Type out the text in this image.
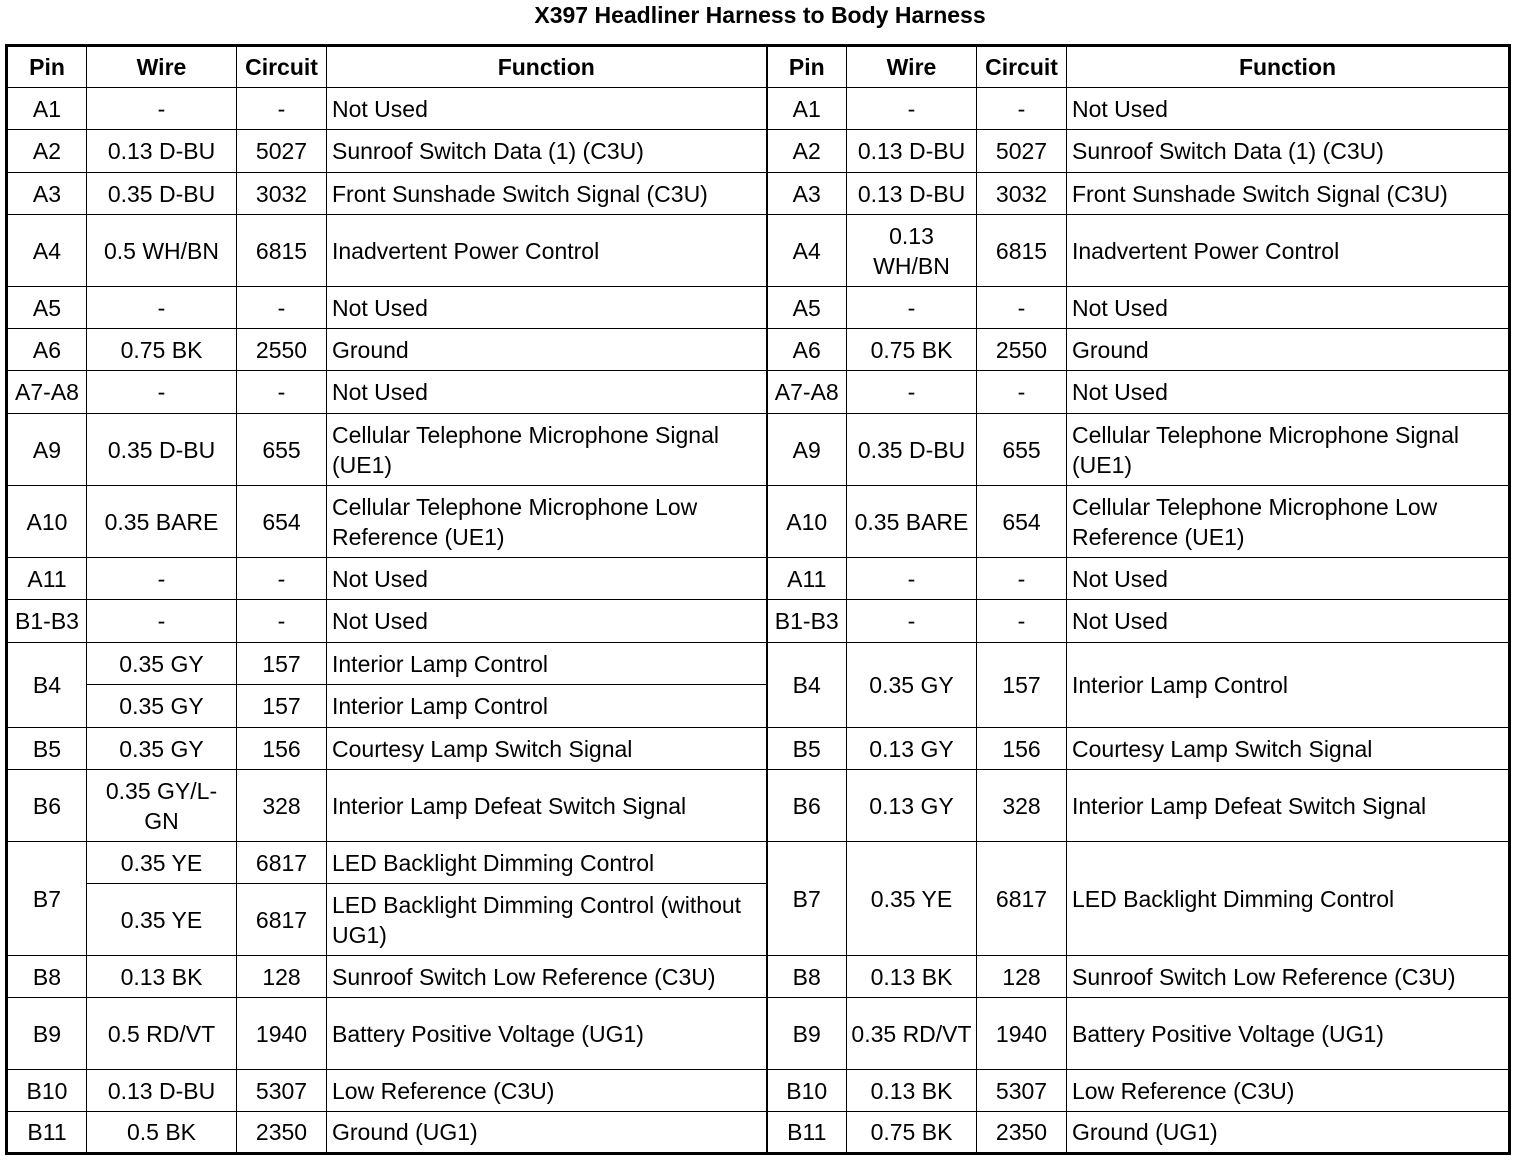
X397 Headliner Harness to Body Harness
Pin	Wire	Circuit	Function	Pin	Wire	Circuit	Function
A1	-	-	Not Used	A1	-	-	Not Used
A2	0.13 D-BU	5027	Sunroof Switch Data (1) (C3U)	A2	0.13 D-BU	5027	Sunroof Switch Data (1) (C3U)
A3	0.35 D-BU	3032	Front Sunshade Switch Signal (C3U)	A3	0.13 D-BU	3032	Front Sunshade Switch Signal (C3U)
A4	0.5 WH/BN	6815	Inadvertent Power Control	A4	0.13 WH/BN	6815	Inadvertent Power Control
A5	-	-	Not Used	A5	-	-	Not Used
A6	0.75 BK	2550	Ground	A6	0.75 BK	2550	Ground
A7-A8	-	-	Not Used	A7-A8	-	-	Not Used
A9	0.35 D-BU	655	Cellular Telephone Microphone Signal (UE1)	A9	0.35 D-BU	655	Cellular Telephone Microphone Signal (UE1)
A10	0.35 BARE	654	Cellular Telephone Microphone Low Reference (UE1)	A10	0.35 BARE	654	Cellular Telephone Microphone Low Reference (UE1)
A11	-	-	Not Used	A11	-	-	Not Used
B1-B3	-	-	Not Used	B1-B3	-	-	Not Used
B4	0.35 GY	157	Interior Lamp Control	B4	0.35 GY	157	Interior Lamp Control
	0.35 GY	157	Interior Lamp Control				
B5	0.35 GY	156	Courtesy Lamp Switch Signal	B5	0.13 GY	156	Courtesy Lamp Switch Signal
B6	0.35 GY/L-GN	328	Interior Lamp Defeat Switch Signal	B6	0.13 GY	328	Interior Lamp Defeat Switch Signal
B7	0.35 YE	6817	LED Backlight Dimming Control	B7	0.35 YE	6817	LED Backlight Dimming Control
	0.35 YE	6817	LED Backlight Dimming Control (without UG1)				
B8	0.13 BK	128	Sunroof Switch Low Reference (C3U)	B8	0.13 BK	128	Sunroof Switch Low Reference (C3U)
B9	0.5 RD/VT	1940	Battery Positive Voltage (UG1)	B9	0.35 RD/VT	1940	Battery Positive Voltage (UG1)
B10	0.13 D-BU	5307	Low Reference (C3U)	B10	0.13 BK	5307	Low Reference (C3U)
B11	0.5 BK	2350	Ground (UG1)	B11	0.75 BK	2350	Ground (UG1)
